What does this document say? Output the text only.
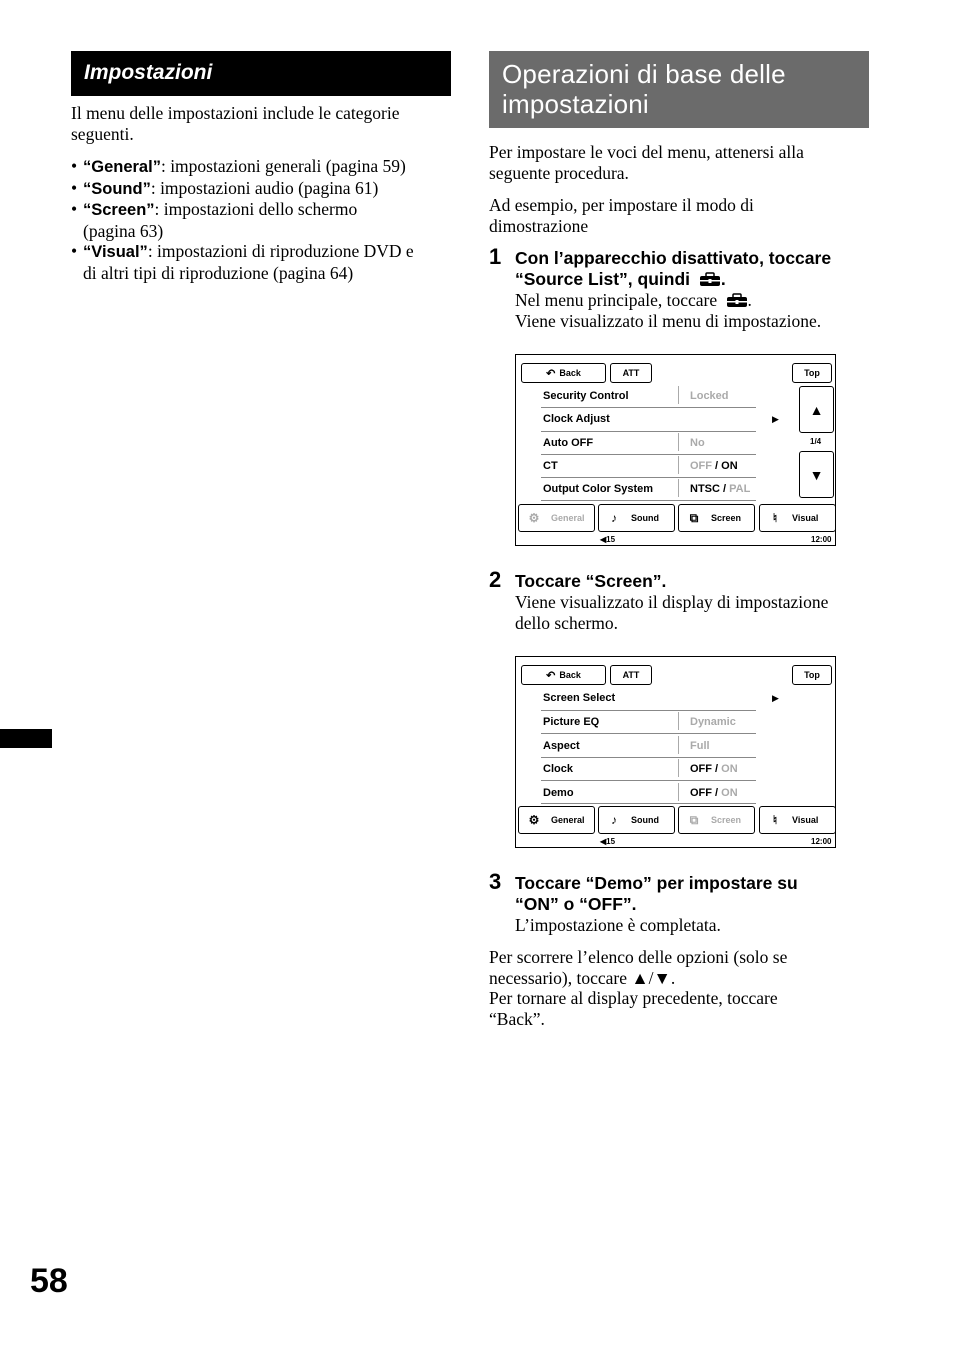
Impostazioni
Il menu delle impostazioni include le categorie
seguenti.
• “General”: impostazioni generali (pagina 59)
• “Sound”: impostazioni audio (pagina 61)
• “Screen”: impostazioni dello schermo
(pagina 63)
• “Visual”: impostazioni di riproduzione DVD e
di altri tipi di riproduzione (pagina 64)
58
Operazioni di base delle
impostazioni
Per impostare le voci del menu, attenersi alla
seguente procedura.
Ad esempio, per impostare il modo di
dimostrazione
1 Con l’apparecchio disattivato, toccare
“Source List”, quindi .
Nel menu principale, toccare .
Viene visualizzato il menu di impostazione.
↶ Back	ATT	Top
Security Control	Locked
Clock Adjust	▶
Auto OFF	No
CT	OFF / ON
Output Color System	NTSC / PAL
▲
1/4
▼
⚙ General	♪	Sound	⧉	Screen	♮	Visual
◀15	12:00
2 Toccare “Screen”.
Viene visualizzato il display di impostazione
dello schermo.
↶ Back	ATT	Top
Screen Select	▶
Picture EQ	Dynamic
Aspect	Full
Clock	OFF / ON
Demo	OFF / ON
⚙ General	♪	Sound	⧉	Screen	♮	Visual
◀15	12:00
3 Toccare “Demo” per impostare su
“ON” o “OFF”.
L’impostazione è completata.
Per scorrere l’elenco delle opzioni (solo se
necessario), toccare ▲/▼.
Per tornare al display precedente, toccare
“Back”.
